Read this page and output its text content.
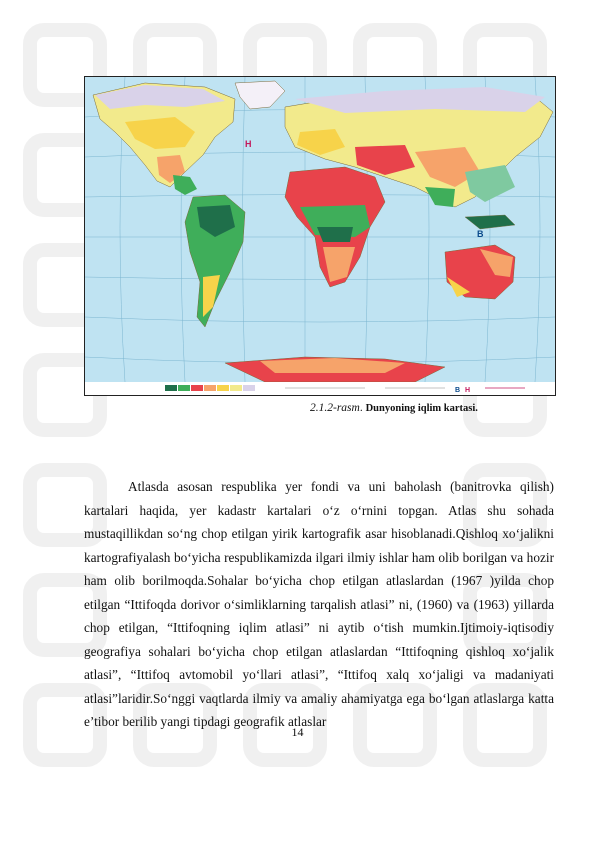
B
H
B H
2.1.2-rasm. Dunyoning iqlim kartasi.

Atlasda asosan respublika yer fondi va uni baholash (banitrovka qilish) kartalari haqida, yer kadastr kartalari o‘z o‘rnini topgan. Atlas shu sohada mustaqillikdan so‘ng chop etilgan yirik kartografik asar hisoblanadi.Qishloq xo‘jalikni kartografiyalash bo‘yicha respublikamizda ilgari ilmiy ishlar ham olib borilgan va hozir ham olib borilmoqda.Sohalar bo‘yicha chop etilgan atlaslardan (1967 )yilda chop etilgan “Ittifoqda dorivor o‘simliklarning tarqalish atlasi” ni, (1960) va (1963) yillarda chop etilgan, “Ittifoqning iqlim atlasi” ni aytib o‘tish mumkin.Ijtimoiy-iqtisodiy geografiya sohalari bo‘yicha chop etilgan atlaslardan “Ittifoqning qishloq xo‘jalik atlasi”, “Ittifoq avtomobil yo‘llari atlasi”, “Ittifoq xalq xo‘jaligi va madaniyati atlasi”laridir.So‘nggi vaqtlarda ilmiy va amaliy ahamiyatga ega bo‘lgan atlaslarga katta e’tibor berilib yangi tipdagi geografik atlaslar

14
